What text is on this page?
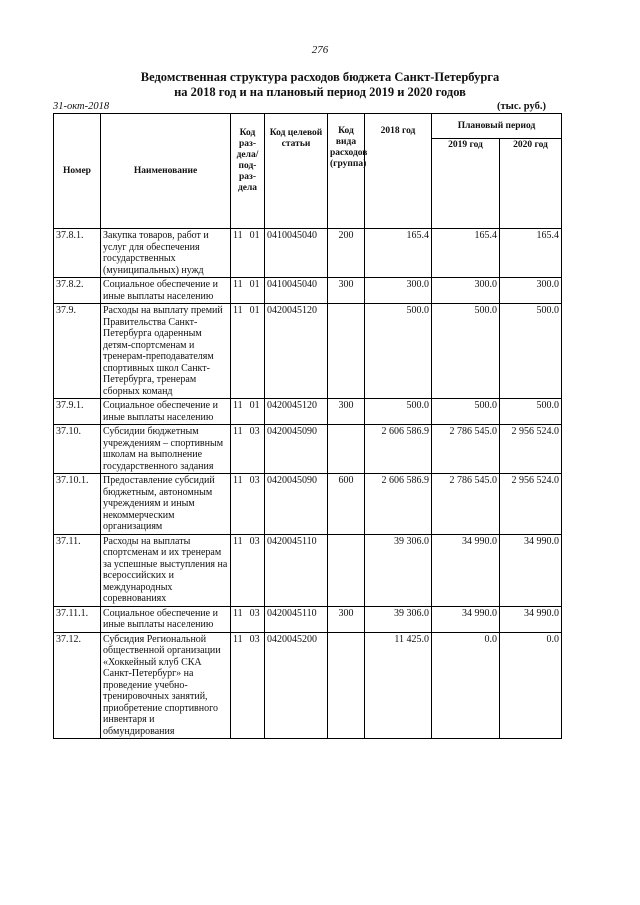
276
Ведомственная структура расходов бюджета Санкт-Петербурга
на 2018 год и на плановый период 2019 и 2020 годов
31-окт-2018	(тыс. руб.)
Номер	Наименование	Код раз- дела/ под- раз- дела	Код целевой статьи	Код вида расходов (группа)	2018 год	Плановый период	
						2019 год	2020 год
37.8.1.	Закупка товаров, работ и услуг для обеспечения государственных (муниципальных) нужд	11 01	0410045040	200	165.4	165.4	165.4
37.8.2.	Социальное обеспечение и иные выплаты населению	11 01	0410045040	300	300.0	300.0	300.0
37.9.	Расходы на выплату премий Правительства Санкт-Петербурга одаренным детям-спортсменам и тренерам-преподавателям спортивных школ Санкт-Петербурга, тренерам сборных команд	11 01	0420045120		500.0	500.0	500.0
37.9.1.	Социальное обеспечение и иные выплаты населению	11 01	0420045120	300	500.0	500.0	500.0
37.10.	Субсидии бюджетным учреждениям – спортивным школам на выполнение государственного задания	11 03	0420045090		2 606 586.9	2 786 545.0	2 956 524.0
37.10.1.	Предоставление субсидий бюджетным, автономным учреждениям и иным некоммерческим организациям	11 03	0420045090	600	2 606 586.9	2 786 545.0	2 956 524.0
37.11.	Расходы на выплаты спортсменам и их тренерам за успешные выступления на всероссийских и международных соревнованиях	11 03	0420045110		39 306.0	34 990.0	34 990.0
37.11.1.	Социальное обеспечение и иные выплаты населению	11 03	0420045110	300	39 306.0	34 990.0	34 990.0
37.12.	Субсидия Региональной общественной организации «Хоккейный клуб СКА Санкт-Петербург» на проведение учебно-тренировочных занятий, приобретение спортивного инвентаря и обмундирования	11 03	0420045200		11 425.0	0.0	0.0
